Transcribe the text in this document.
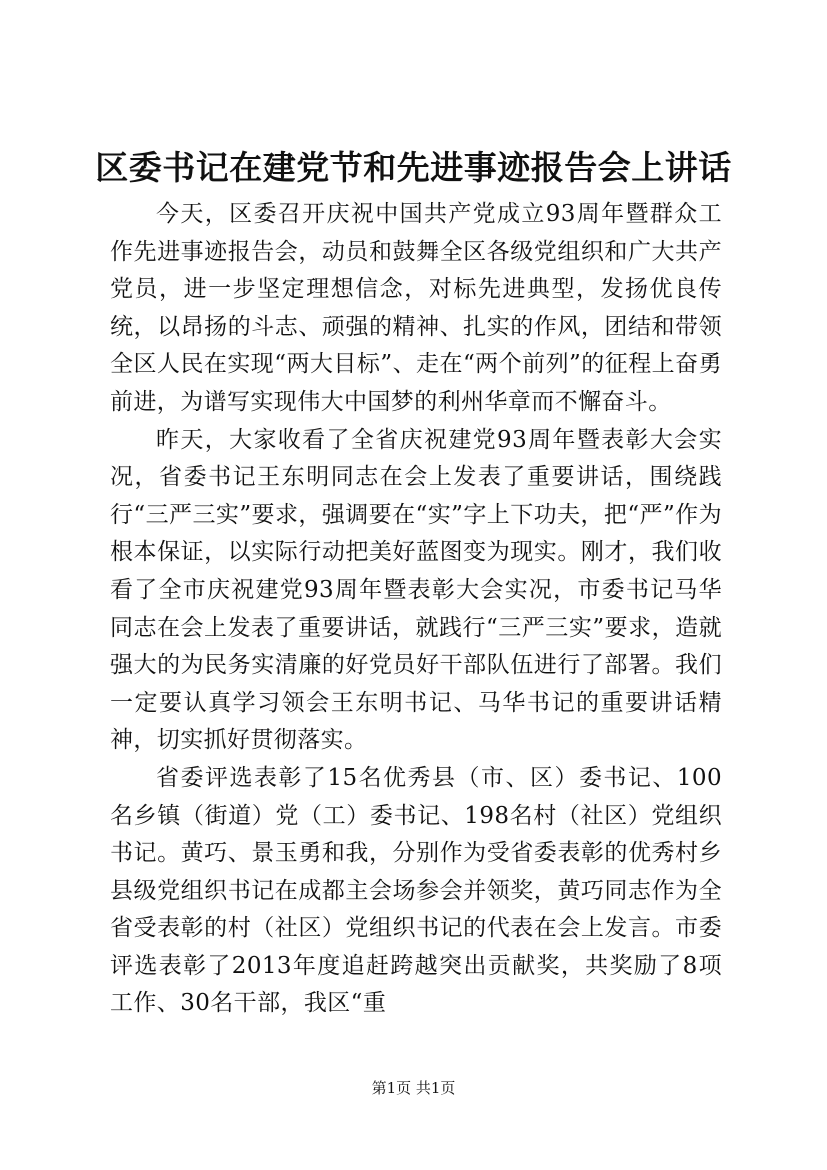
区委书记在建党节和先进事迹报告会上讲话

今天，区委召开庆祝中国共产党成立93周年暨群众工作先进事迹报告会，动员和鼓舞全区各级党组织和广大共产党员，进一步坚定理想信念，对标先进典型，发扬优良传统，以昂扬的斗志、顽强的精神、扎实的作风，团结和带领全区人民在实现“两大目标”、走在“两个前列”的征程上奋勇前进，为谱写实现伟大中国梦的利州华章而不懈奋斗。

昨天，大家收看了全省庆祝建党93周年暨表彰大会实况，省委书记王东明同志在会上发表了重要讲话，围绕践行“三严三实”要求，强调要在“实”字上下功夫，把“严”作为根本保证，以实际行动把美好蓝图变为现实。刚才，我们收看了全市庆祝建党93周年暨表彰大会实况，市委书记马华同志在会上发表了重要讲话，就践行“三严三实”要求，造就强大的为民务实清廉的好党员好干部队伍进行了部署。我们一定要认真学习领会王东明书记、马华书记的重要讲话精神，切实抓好贯彻落实。

省委评选表彰了15名优秀县（市、区）委书记、100名乡镇（街道）党（工）委书记、198名村（社区）党组织书记。黄巧、景玉勇和我，分别作为受省委表彰的优秀村乡县级党组织书记在成都主会场参会并领奖，黄巧同志作为全省受表彰的村（社区）党组织书记的代表在会上发言。市委评选表彰了2013年度追赶跨越突出贡献奖，共奖励了8项工作、30名干部，我区“重

第1页 共1页
